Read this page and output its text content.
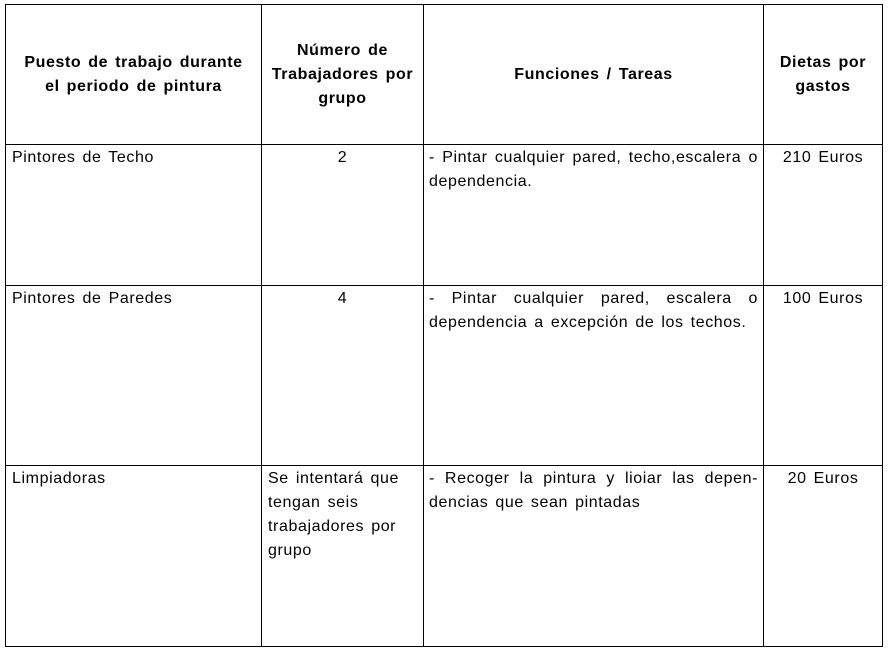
Puesto de trabajo durante el periodo de pintura	Número de Trabajadores por grupo	Funciones / Tareas	Dietas por gastos

Pintores de Techo	2	- Pintar cualquier pared, techo,escalera o dependencia.	210 Euros

Pintores de Paredes	4	- Pintar cualquier pared, escalera o dependencia a excepción de los techos.	100 Euros

Limpiadoras	Se intentará que tengan seis trabajadores por grupo	- Recoger la pintura y lioiar las depen-dencias que sean pintadas	20 Euros
